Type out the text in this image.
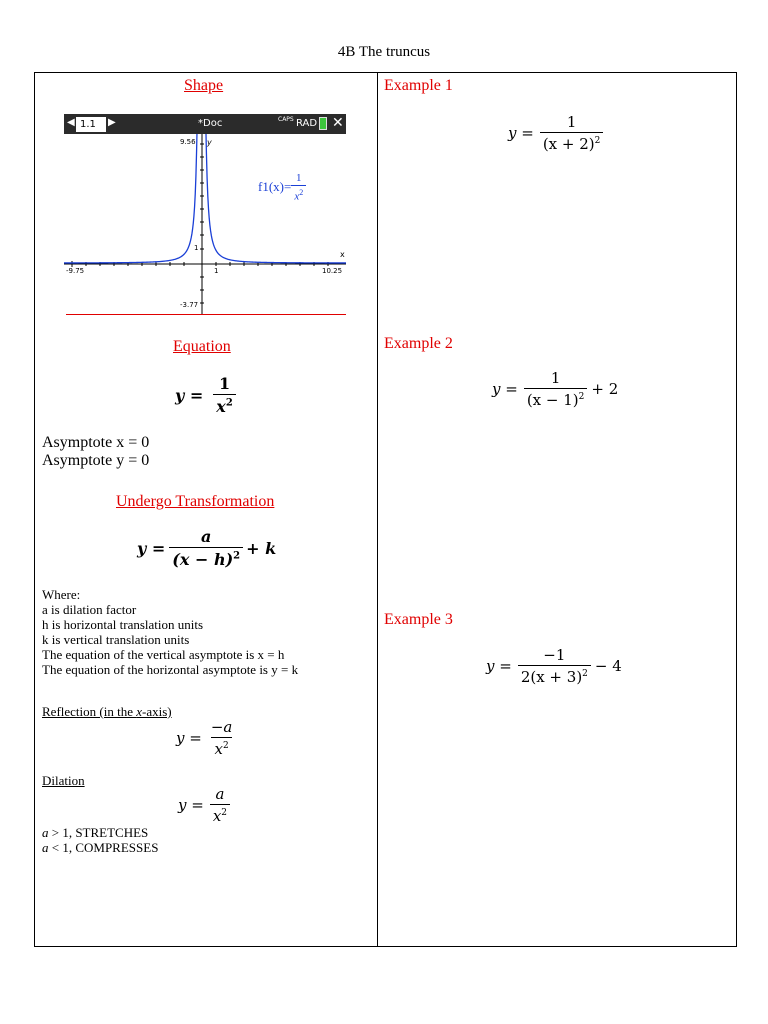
4B The truncus
Shape
◀ 1.1	▶	*Doc	CAPS RAD ✕
9.56 y
x
-9.75	10.25
1
1
-3.77
$f1(x)= \frac{1}{x^2}$
Equation
$y = \frac{1}{x^2}$
Asymptote x = 0
Asymptote y = 0
Undergo Transformation
$y = \frac{a}{(x - h)^2} + k$
Where:
a is dilation factor
h is horizontal translation units
k is vertical translation units
The equation of the vertical asymptote is x = h
The equation of the horizontal asymptote is y = k
Reflection (in the x-axis)
$y = \frac{-a}{x^2}$
Dilation
$y = \frac{a}{x^2}$
a > 1, STRETCHES
a < 1, COMPRESSES
Example 1
$y = \frac{1}{(x + 2)^2}$
Example 2
$y = \frac{1}{(x - 1)^2} + 2$
Example 3
$y = \frac{-1}{2(x + 3)^2} - 4$
